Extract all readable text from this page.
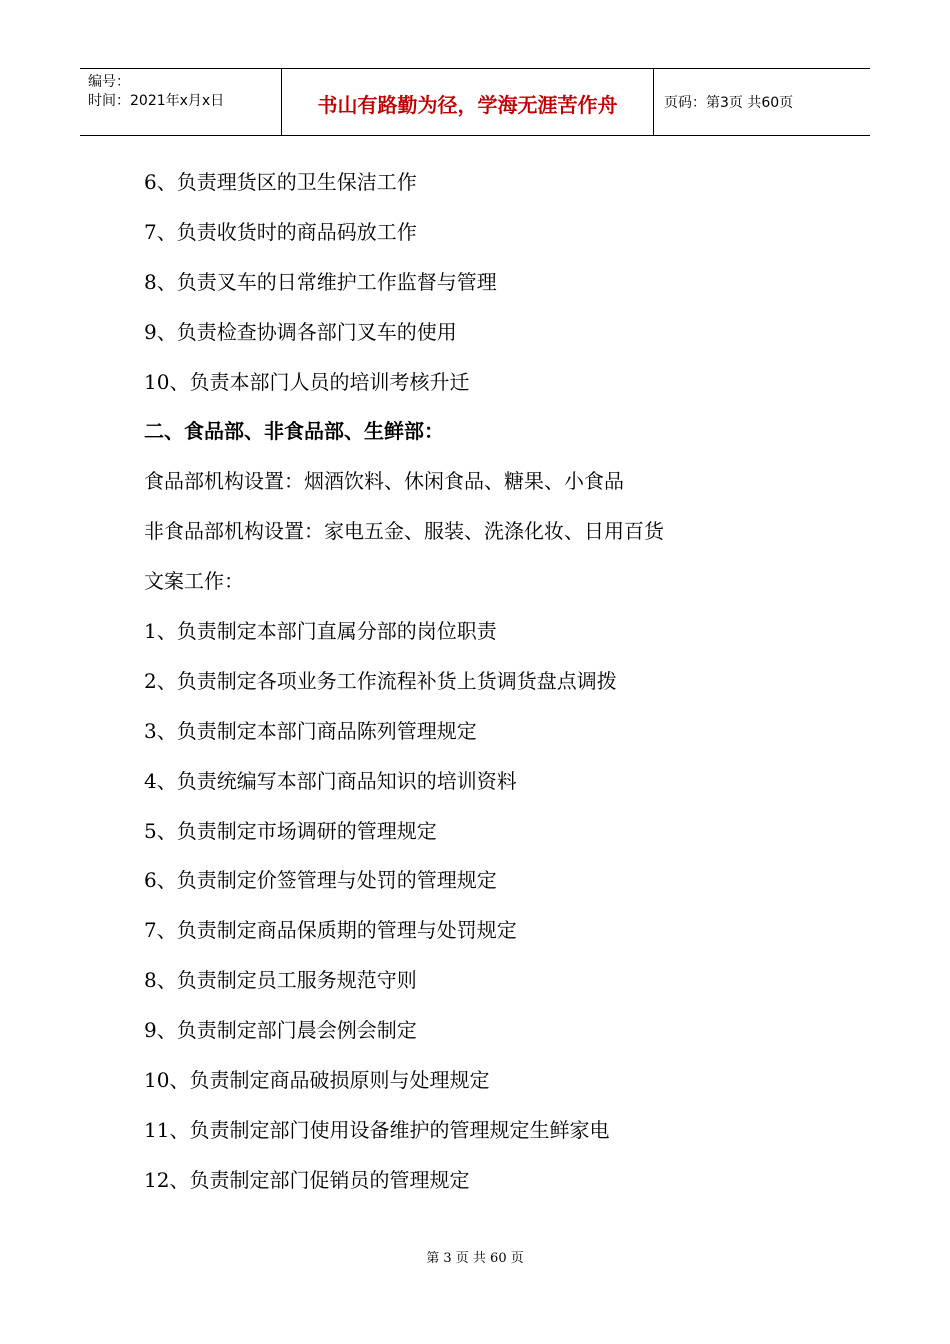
编号：
时间：2021年x月x日	书山有路勤为径，学海无涯苦作舟	页码：第3页 共60页
6、负责理货区的卫生保洁工作
7、负责收货时的商品码放工作
8、负责叉车的日常维护工作监督与管理
9、负责检查协调各部门叉车的使用
10、负责本部门人员的培训考核升迁
二、食品部、非食品部、生鲜部：
食品部机构设置：烟酒饮料、休闲食品、糖果、小食品
非食品部机构设置：家电五金、服装、洗涤化妆、日用百货
文案工作：
1、负责制定本部门直属分部的岗位职责
2、负责制定各项业务工作流程补货上货调货盘点调拨
3、负责制定本部门商品陈列管理规定
4、负责统编写本部门商品知识的培训资料
5、负责制定市场调研的管理规定
6、负责制定价签管理与处罚的管理规定
7、负责制定商品保质期的管理与处罚规定
8、负责制定员工服务规范守则
9、负责制定部门晨会例会制定
10、负责制定商品破损原则与处理规定
11、负责制定部门使用设备维护的管理规定生鲜家电
12、负责制定部门促销员的管理规定
第 3 页 共 60 页
